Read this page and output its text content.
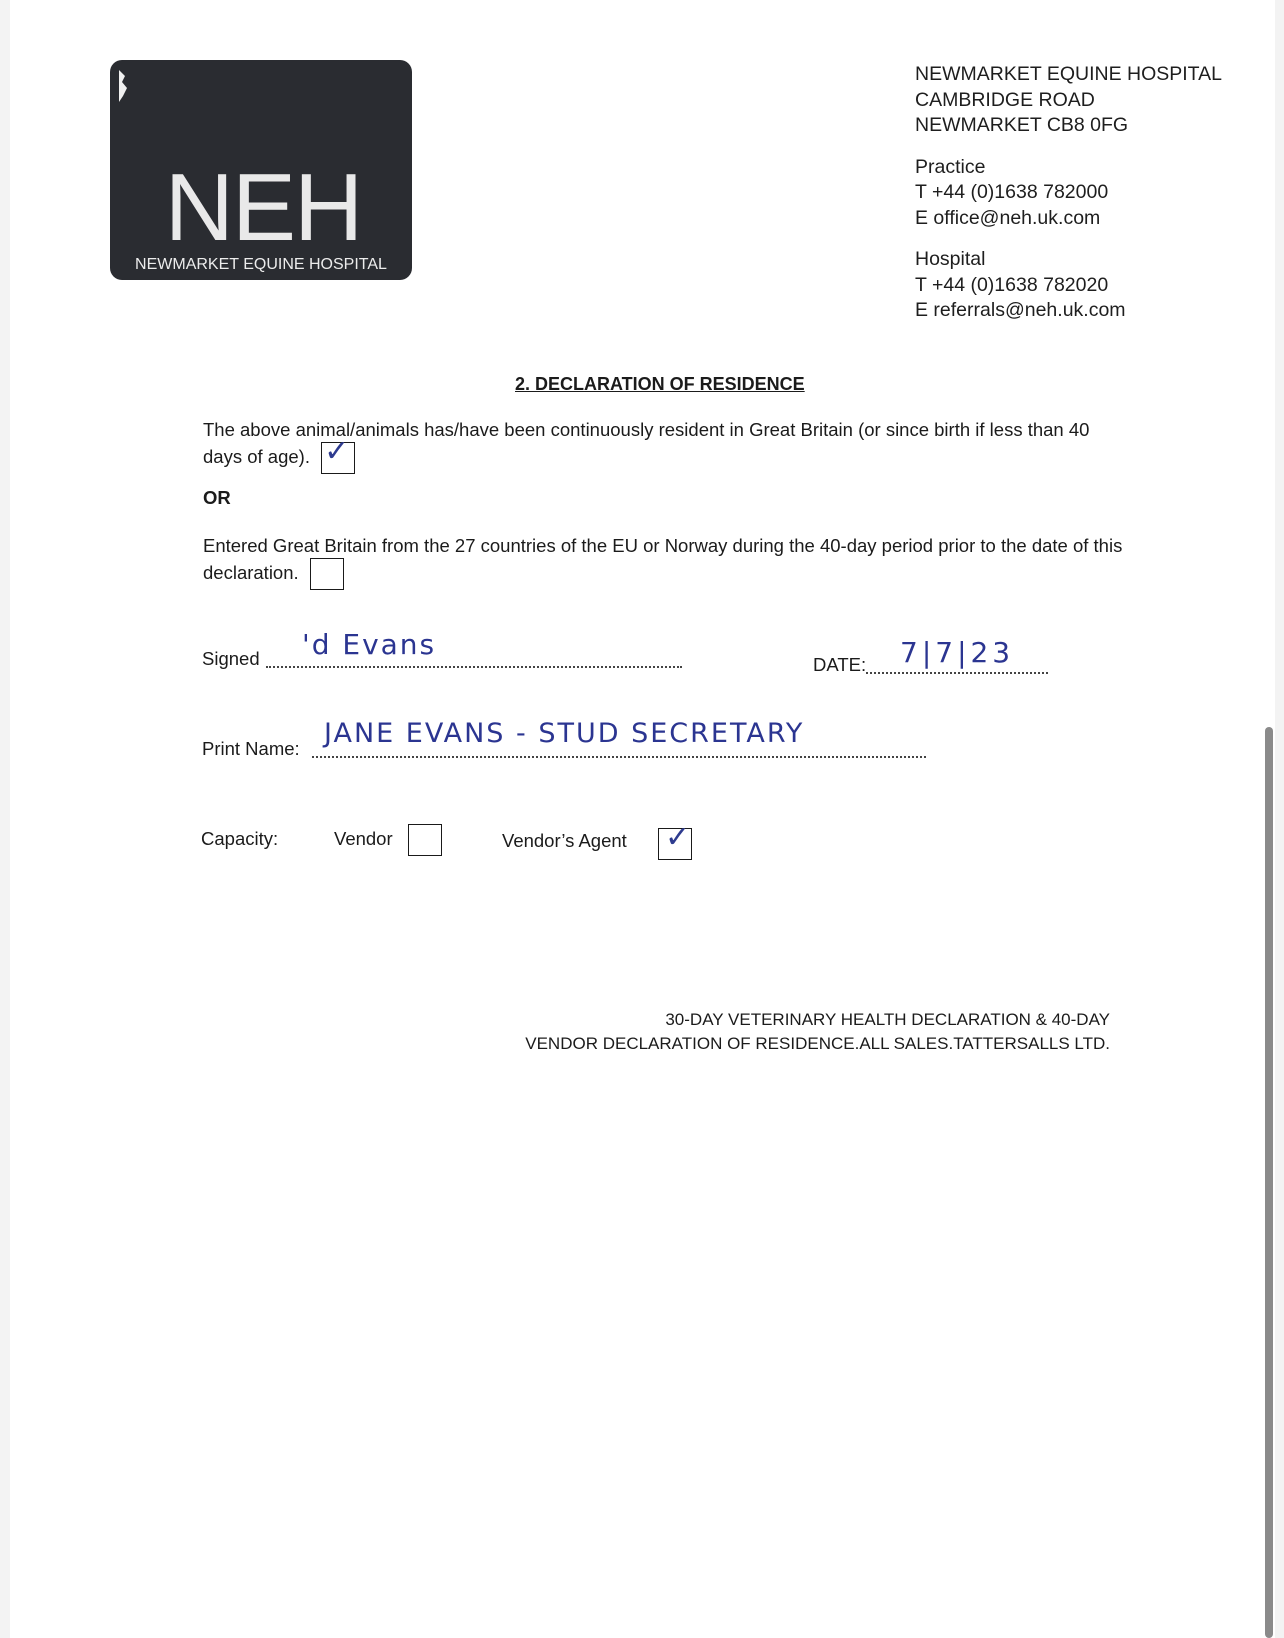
NEH
NEWMARKET EQUINE HOSPITAL
NEWMARKET EQUINE HOSPITAL
CAMBRIDGE ROAD
NEWMARKET CB8 0FG
Practice
T +44 (0)1638 782000
E office@neh.uk.com
Hospital
T +44 (0)1638 782020
E referrals@neh.uk.com
2. DECLARATION OF RESIDENCE
The above animal/animals has/have been continuously resident in Great Britain (or since birth if less than 40 days of age). ✓
OR
Entered Great Britain from the 27 countries of the EU or Norway during the 40-day period prior to the date of this declaration.
Signed 'd Evans
DATE: 7|7|23
Print Name: JANE EVANS - STUD SECRETARY
Capacity:	Vendor	Vendor’s Agent ✓
30-DAY VETERINARY HEALTH DECLARATION & 40-DAY
VENDOR DECLARATION OF RESIDENCE.ALL SALES.TATTERSALLS LTD.
